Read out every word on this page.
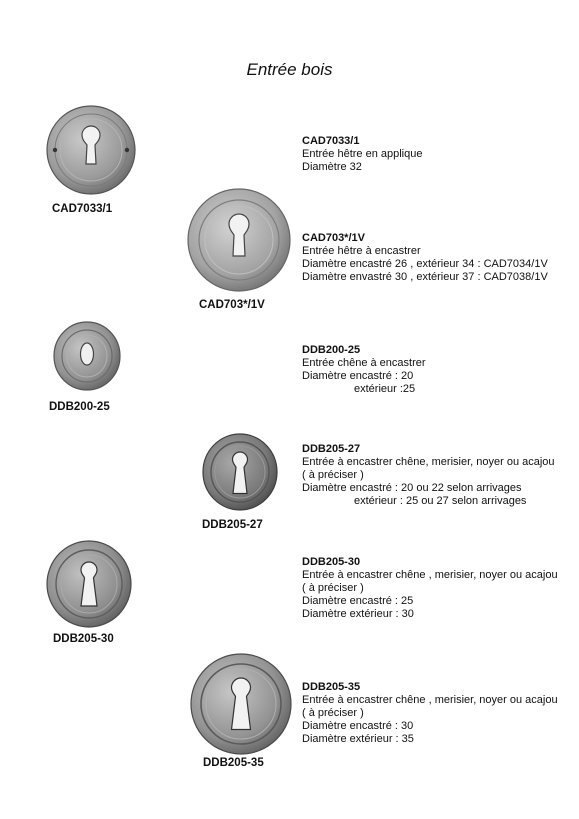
Entrée bois
CAD7033/1
CAD7033/1
Entrée hêtre en applique
Diamètre 32
CAD703*/1V
CAD703*/1V
Entrée hêtre à encastrer
Diamètre encastré 26 , extérieur 34 : CAD7034/1V
Diamètre envastré 30 , extérieur 37 : CAD7038/1V
DDB200-25
DDB200-25
Entrée chêne à encastrer
Diamètre encastré : 20
extérieur :25
DDB205-27
DDB205-27
Entrée à encastrer chêne, merisier, noyer ou acajou
( à préciser )
Diamètre encastré : 20 ou 22 selon arrivages
extérieur : 25 ou 27 selon arrivages
DDB205-30
DDB205-30
Entrée à encastrer chêne , merisier, noyer ou acajou
( à préciser )
Diamètre encastré : 25
Diamètre extérieur : 30
DDB205-35
DDB205-35
Entrée à encastrer chêne , merisier, noyer ou acajou
( à préciser )
Diamètre encastré : 30
Diamètre extérieur : 35
